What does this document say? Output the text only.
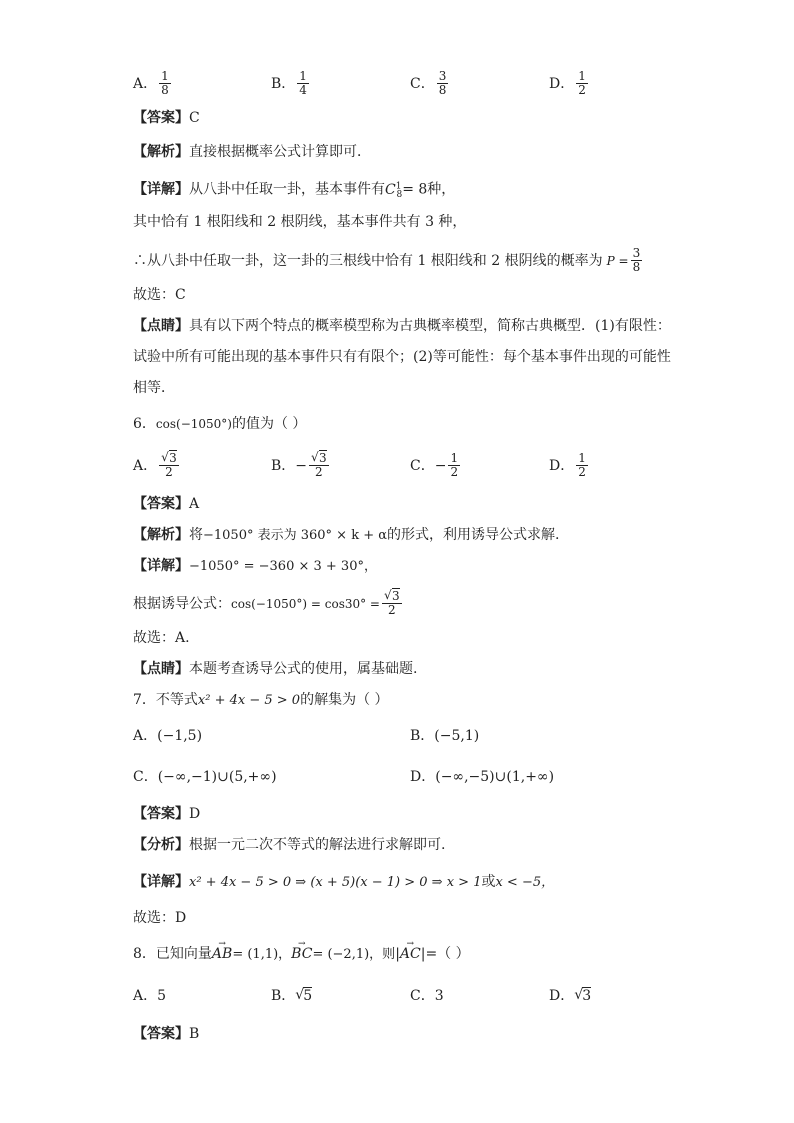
A． $\frac{1}{8}$	B． $\frac{1}{4}$	C． $\frac{3}{8}$	D． $\frac{1}{2}$
【答案】C
【解析】直接根据概率公式计算即可．
【详解】从八卦中任取一卦，基本事件有$C^1_8= 8$种，
其中恰有 1 根阳线和 2 根阴线，基本事件共有 3 种，
∴从八卦中任取一卦，这一卦的三根线中恰有 1 根阳线和 2 根阴线的概率为 $P = \frac{3}{8}$
故选：C
【点睛】具有以下两个特点的概率模型称为古典概率模型，简称古典概型．(1)有限性：
试验中所有可能出现的基本事件只有有限个；(2)等可能性：每个基本事件出现的可能性
相等．
6．cos(−1050°)的值为（ ）
A． √ $\frac{3}{2}$	B． − √ $\frac{3}{2}$	C． − $\frac{1}{2}$	D． $\frac{1}{2}$
【答案】A
【解析】将−1050° 表示为 360° × k + α的形式，利用诱导公式求解.
【详解】−1050° = −360 × 3 + 30°，
根据诱导公式： cos(−1050°) = cos30° = √ $\frac{3}{2}$
故选：A.
【点睛】本题考查诱导公式的使用，属基础题.
7．不等式x² + 4x − 5 > 0的解集为（ ）
A． (−1,5)	B． (−5,1)
C． (−∞,−1)∪(5,+∞)	D． (−∞,−5)∪(1,+∞)
【答案】D
【分析】根据一元二次不等式的解法进行求解即可.
【详解】x² + 4x − 5 > 0 ⇒ (x + 5)(x − 1) > 0 ⇒ x > 1或x < −5，
故选：D
8．已知向量→ AB= (1,1)，→ BC= (−2,1)，则→ |AC|=（ ）
A． 5	B． √ 5	C． 3	D． √ 3
【答案】B
